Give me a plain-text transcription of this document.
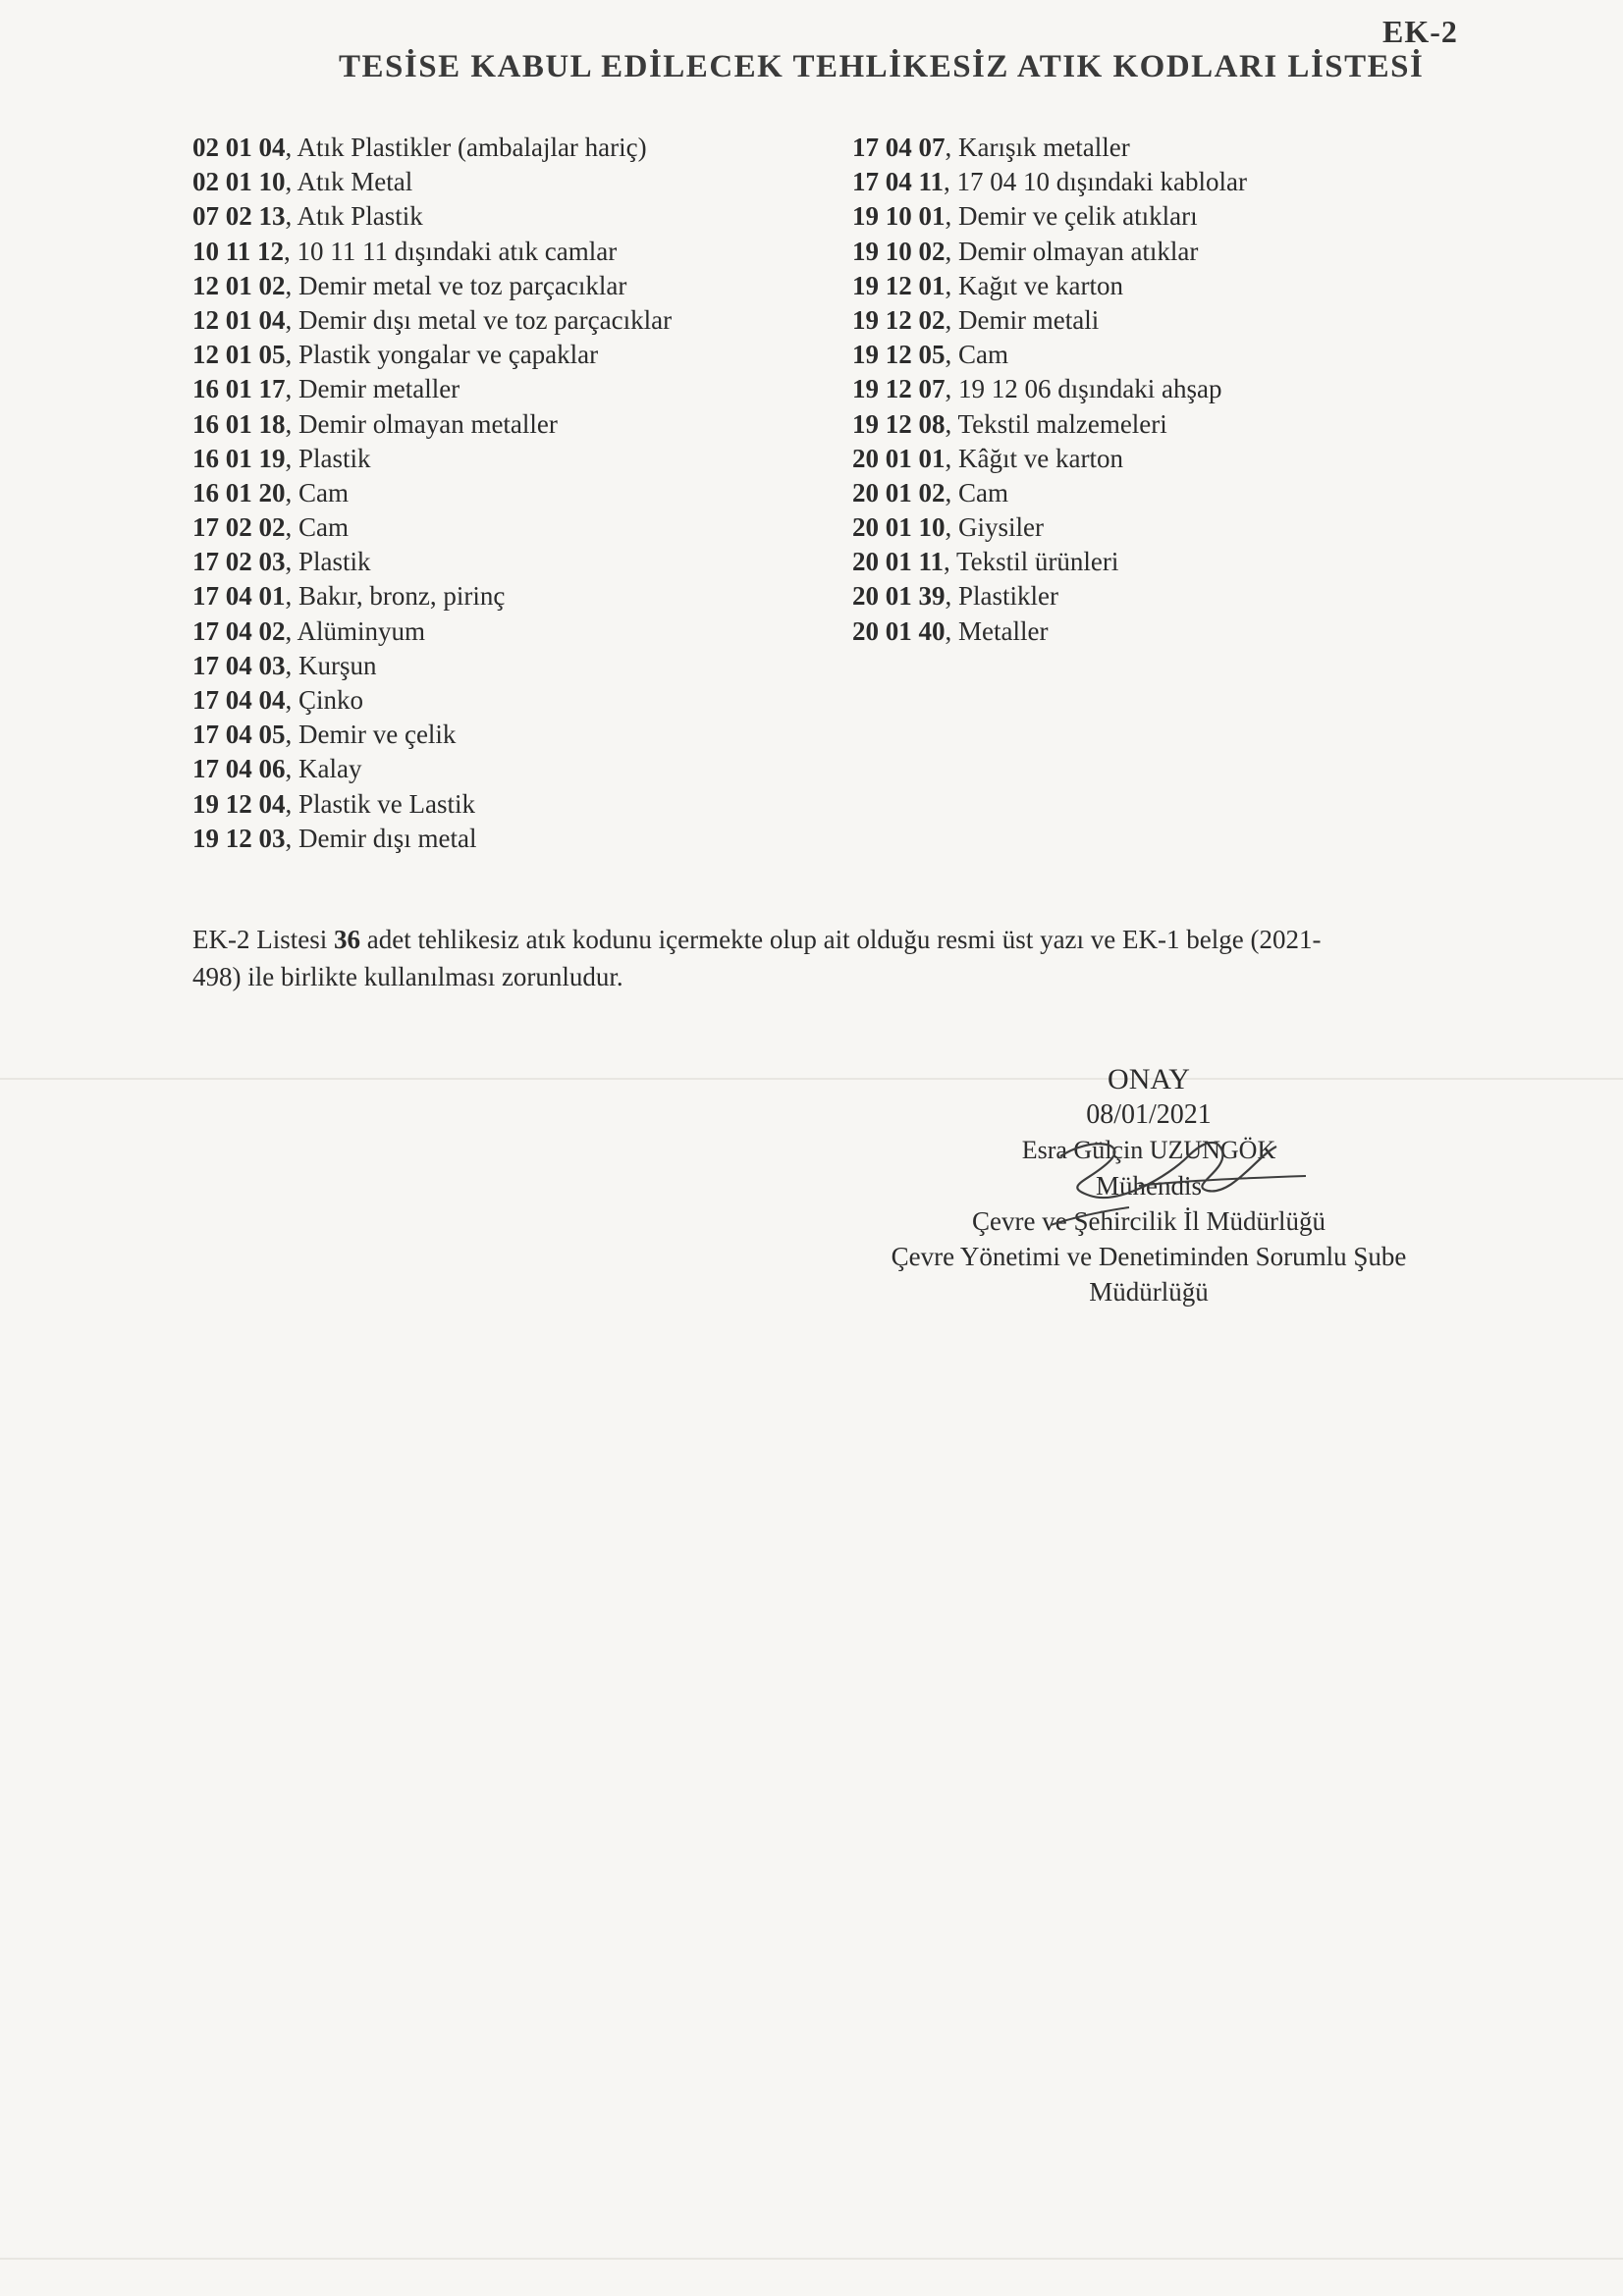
EK-2
TESİSE KABUL EDİLECEK TEHLİKESİZ ATIK KODLARI LİSTESİ
02 01 04, Atık Plastikler (ambalajlar hariç)
02 01 10, Atık Metal
07 02 13, Atık Plastik
10 11 12, 10 11 11 dışındaki atık camlar
12 01 02, Demir metal ve toz parçacıklar
12 01 04, Demir dışı metal ve toz parçacıklar
12 01 05, Plastik yongalar ve çapaklar
16 01 17, Demir metaller
16 01 18, Demir olmayan metaller
16 01 19, Plastik
16 01 20, Cam
17 02 02, Cam
17 02 03, Plastik
17 04 01, Bakır, bronz, pirinç
17 04 02, Alüminyum
17 04 03, Kurşun
17 04 04, Çinko
17 04 05, Demir ve çelik
17 04 06, Kalay
19 12 04, Plastik ve Lastik
19 12 03, Demir dışı metal
17 04 07, Karışık metaller
17 04 11, 17 04 10 dışındaki kablolar
19 10 01, Demir ve çelik atıkları
19 10 02, Demir olmayan atıklar
19 12 01, Kağıt ve karton
19 12 02, Demir metali
19 12 05, Cam
19 12 07, 19 12 06 dışındaki ahşap
19 12 08, Tekstil malzemeleri
20 01 01, Kâğıt ve karton
20 01 02, Cam
20 01 10, Giysiler
20 01 11, Tekstil ürünleri
20 01 39, Plastikler
20 01 40, Metaller
EK-2 Listesi 36 adet tehlikesiz atık kodunu içermekte olup ait olduğu resmi üst yazı ve EK-1 belge (2021-
498) ile birlikte kullanılması zorunludur.
ONAY
08/01/2021
Esra Gülçin UZUNGÖK
Mühendis
Çevre ve Şehircilik İl Müdürlüğü
Çevre Yönetimi ve Denetiminden Sorumlu Şube
Müdürlüğü
